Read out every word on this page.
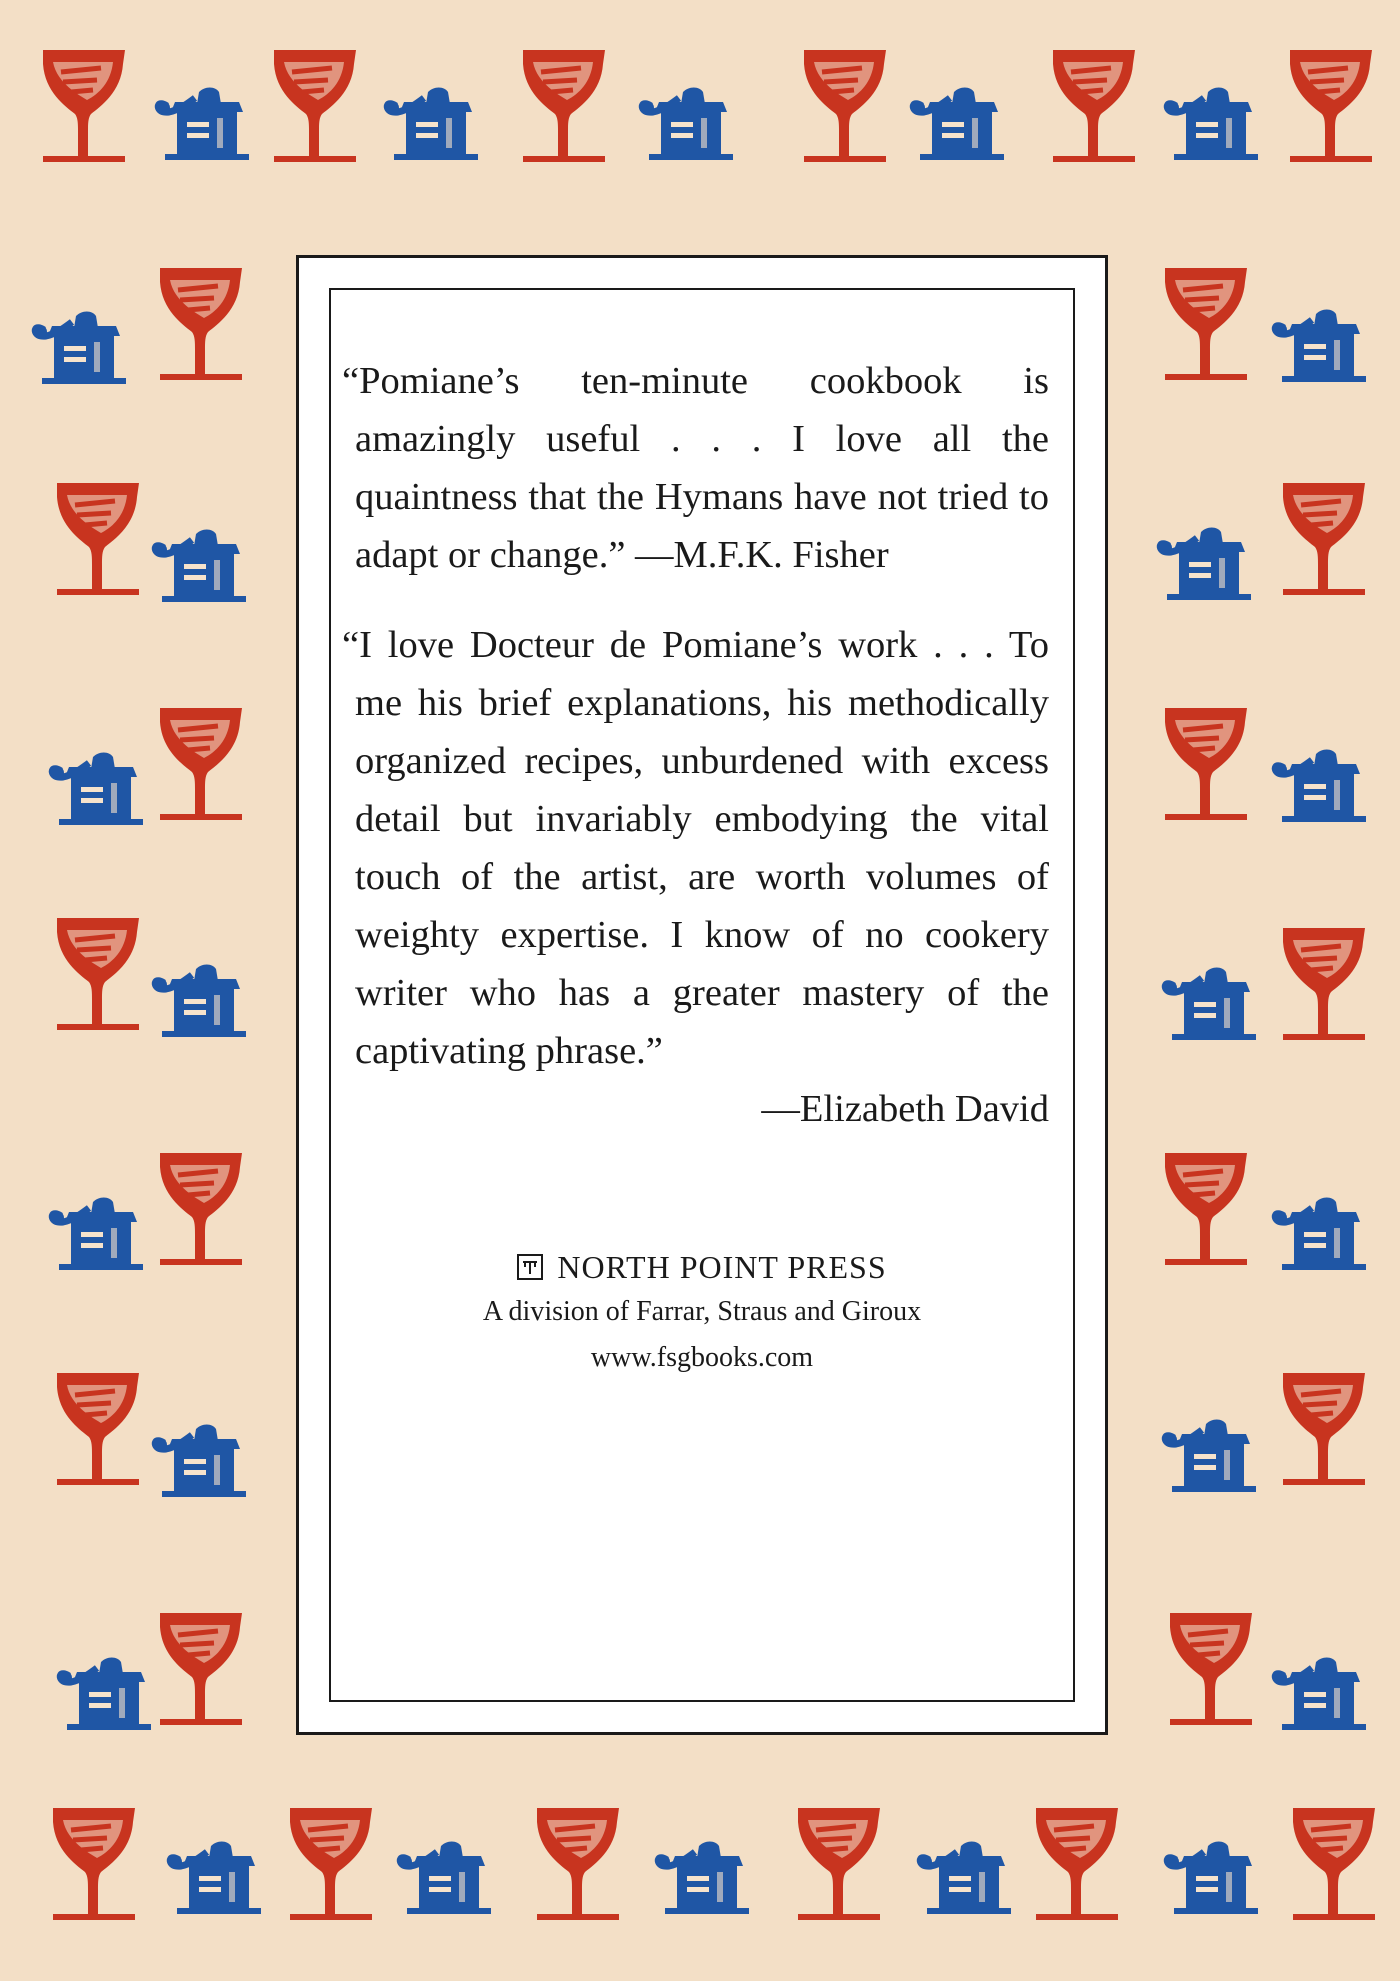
“Pomiane’s ten-minute cookbook is amazingly useful . . . I love all the quaintness that the Hymans have not tried to adapt or change.” —M.F.K. Fisher

“I love Docteur de Pomiane’s work . . . To me his brief explanations, his methodically organized recipes, unburdened with excess detail but invariably embodying the vital touch of the artist, are worth volumes of weighty expertise. I know of no cookery writer who has a greater mastery of the captivating phrase.”
—Elizabeth David

NORTH POINT PRESS
A division of Farrar, Straus and Giroux
www.fsgbooks.com
